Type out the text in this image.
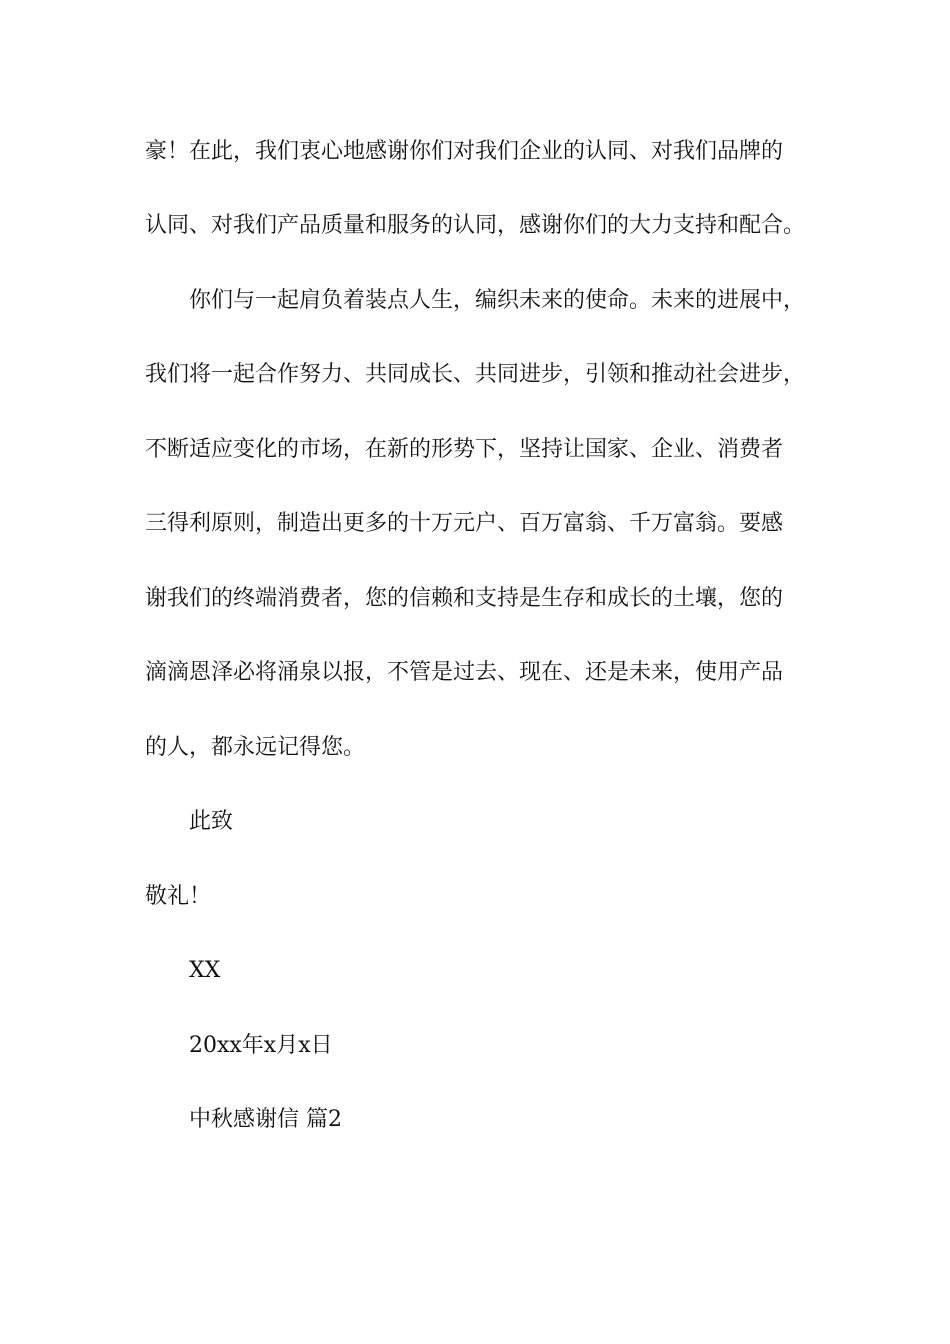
豪！在此，我们衷心地感谢你们对我们企业的认同、对我们品牌的
认同、对我们产品质量和服务的认同，感谢你们的大力支持和配合。
你们与一起肩负着装点人生，编织未来的使命。未来的进展中，
我们将一起合作努力、共同成长、共同进步，引领和推动社会进步，
不断适应变化的市场，在新的形势下，坚持让国家、企业、消费者
三得利原则，制造出更多的十万元户、百万富翁、千万富翁。要感
谢我们的终端消费者，您的信赖和支持是生存和成长的土壤，您的
滴滴恩泽必将涌泉以报，不管是过去、现在、还是未来，使用产品
的人，都永远记得您。
此致
敬礼！
XX
20xx年x月x日
中秋感谢信 篇2
